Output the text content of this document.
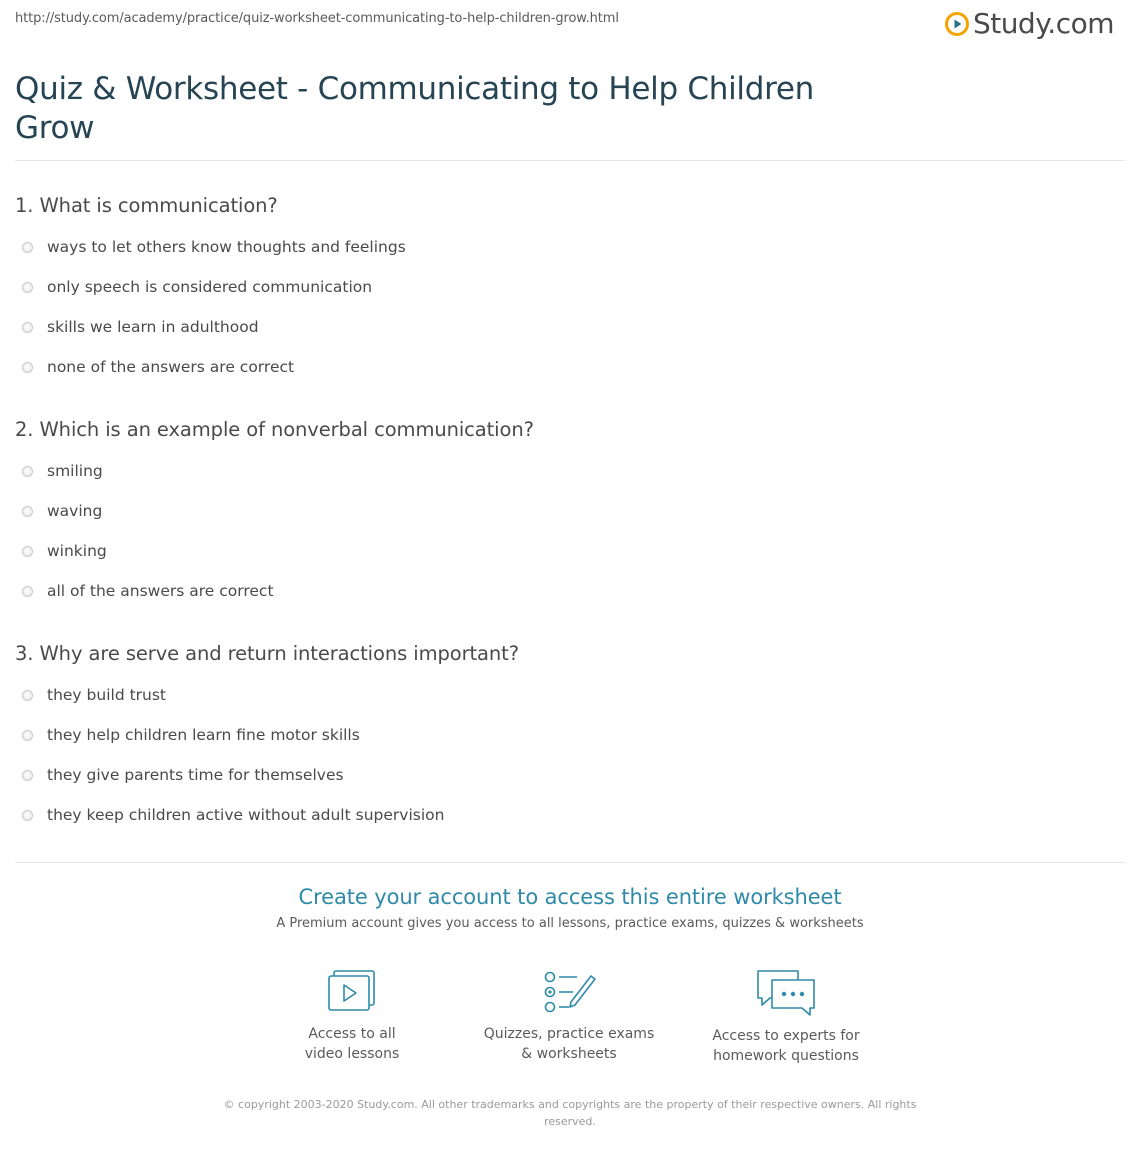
http://study.com/academy/practice/quiz-worksheet-communicating-to-help-children-grow.html	Study.com
Quiz & Worksheet - Communicating to Help Children Grow
1. What is communication?
ways to let others know thoughts and feelings
only speech is considered communication
skills we learn in adulthood
none of the answers are correct
2. Which is an example of nonverbal communication?
smiling
waving
winking
all of the answers are correct
3. Why are serve and return interactions important?
they build trust
they help children learn fine motor skills
they give parents time for themselves
they keep children active without adult supervision
Create your account to access this entire worksheet
A Premium account gives you access to all lessons, practice exams, quizzes & worksheets
Access to all
video lessons
Quizzes, practice exams
& worksheets
Access to experts for
homework questions
© copyright 2003-2020 Study.com. All other trademarks and copyrights are the property of their respective owners. All rights reserved.
